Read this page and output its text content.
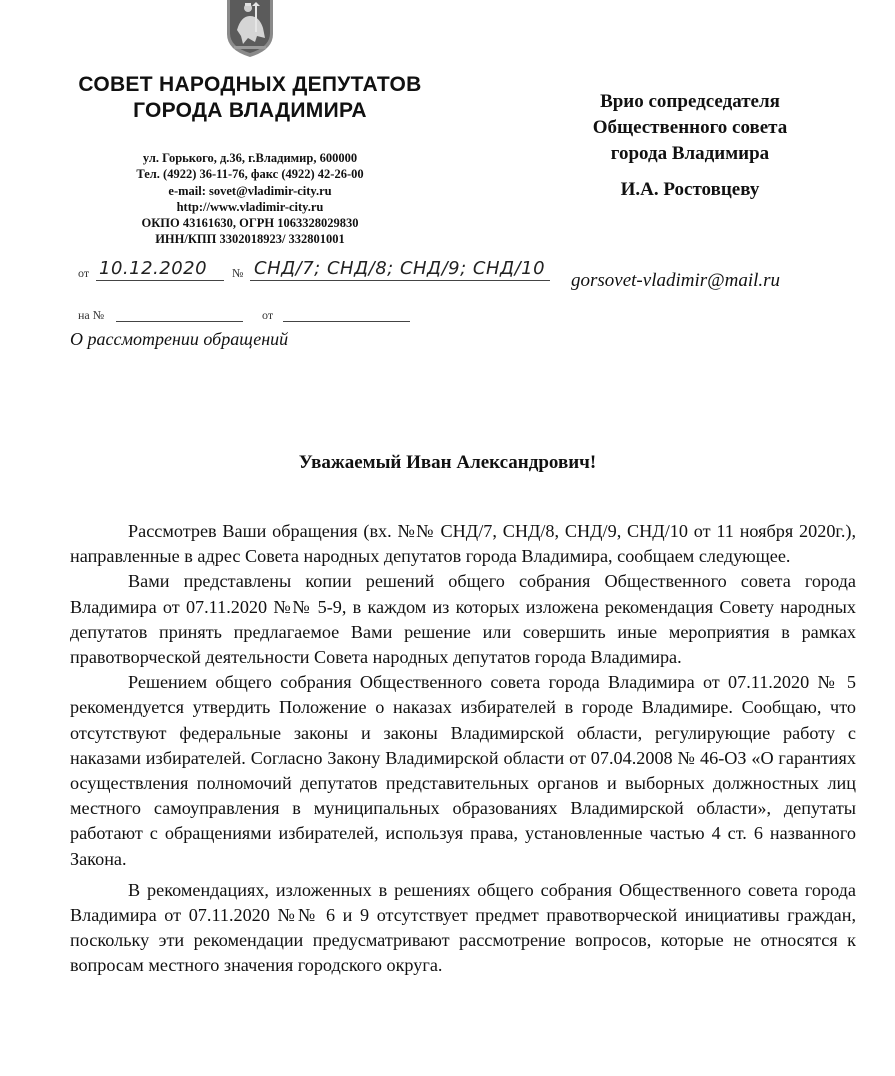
СОВЕТ НАРОДНЫХ ДЕПУТАТОВ
ГОРОДА ВЛАДИМИРА
ул. Горького, д.36, г.Владимир, 600000
Тел. (4922) 36-11-76, факс (4922) 42-26-00
e-mail: sovet@vladimir-city.ru
http://www.vladimir-city.ru
ОКПО 43161630, ОГРН 1063328029830
ИНН/КПП 3302018923/ 332801001
Врио сопредседателя
Общественного совета
города Владимира
И.А. Ростовцеву
от 10.12.2020 № СНД/7; СНД/8; СНД/9; СНД/10
gorsovet-vladimir@mail.ru
на №	от
О рассмотрении обращений
Уважаемый Иван Александрович!

Рассмотрев Ваши обращения (вх. №№ СНД/7, СНД/8, СНД/9, СНД/10 от 11 ноября 2020г.), направленные в адрес Совета народных депутатов города Владимира, сообщаем следующее.

Вами представлены копии решений общего собрания Общественного совета города Владимира от 07.11.2020 №№ 5-9, в каждом из которых изложена рекомендация Совету народных депутатов принять предлагаемое Вами решение или совершить иные мероприятия в рамках правотворческой деятельности Совета народных депутатов города Владимира.

Решением общего собрания Общественного совета города Владимира от 07.11.2020 № 5 рекомендуется утвердить Положение о наказах избирателей в городе Владимире. Сообщаю, что отсутствуют федеральные законы и законы Владимирской области, регулирующие работу с наказами избирателей. Согласно Закону Владимирской области от 07.04.2008 № 46-ОЗ «О гарантиях осуществления полномочий депутатов представительных органов и выборных должностных лиц местного самоуправления в муниципальных образованиях Владимирской области», депутаты работают с обращениями избирателей, используя права, установленные частью 4 ст. 6 названного Закона.

В рекомендациях, изложенных в решениях общего собрания Общественного совета города Владимира от 07.11.2020 №№ 6 и 9 отсутствует предмет правотворческой инициативы граждан, поскольку эти рекомендации предусматривают рассмотрение вопросов, которые не относятся к вопросам местного значения городского округа.
